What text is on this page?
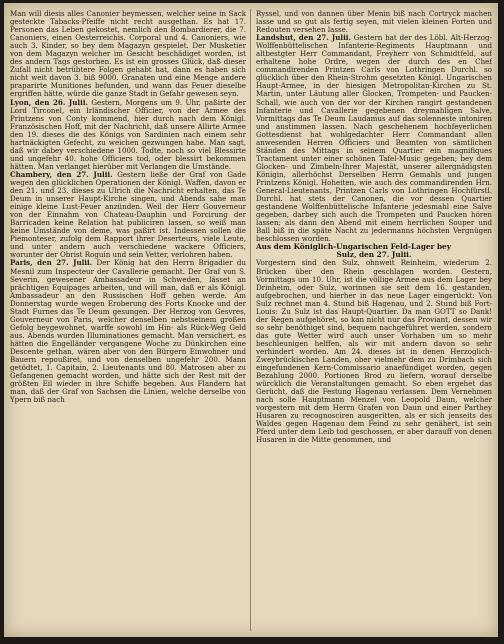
Man will diesis alles Canonier beymessen, welcher seine in Sack gesteckte Tabacks-Pfeiffe nicht recht ausgethan. Es hat 17. Personen das Leben gekostet, nemlich den Bombardierer, die 7. Canoniers, einen Oesterreichis. Corporal und 4. Canoniers, wie auch 3. Kinder, so bey dem Magazyn gespielet. Der Musketier von dem Magazyn welcher im Gesicht beschädiget worden, ist des andern Tags gestorben. Es ist ein grosses Glück, daß dieser Zufall nicht betrübtere Folgen gehabt hat, dann es haben sich nicht weit davon 3. biß 9000. Granaten und eine Menge andere praparirte Munitiones befunden, und wann das Feuer dieselbe ergriffen hätte, würde die ganze Stadt in Gefahr gewesen seyn.

Lyon, den 26. Julii. Gestern, Morgens um 9. Uhr, paßirte der Lord Tirconel, ein Irländischer Officier, von der Armee des Printzens von Conty kommend, hier durch nach dem Königl. Französischen Hoff, mit der Nachricht, daß unsere Allirte Armee den 19. dieses die des Königs von Sardinien nach einem sehr hartnäckigten Gefecht, zu weichen gezwungen habe. Man sagt, daß wir dabey verschiedene 1000. Todte, noch so viel Blessirte und ungefehr 40. hohe Officiers tod, oder blessirt bekommen hätten. Man verlanget hierüber mit Verlangen die Umstände.

Chambery, den 27. Julii. Gestern ließe der Graf von Gade wegen den glücklichen Operationen der Königl. Waffen, davon er den 21. und 23. dieses zu Ulrich die Nachricht erhalten, das Te Deum in unserer Haupt-Kirche singen, und Abends sahe man einige kleine Lust-Feuer anzünden. Weil der Herr Gouverneur von der Einnahm von Chateau-Dauphin und Forcirung der Barricaden keine Relation hat publiciren lassen, so weiß man keine Umstände von deme, was paßirt ist. Indessen sollen die Piemonteser, zufolg dem Rapport ihrer Deserteurs, viele Leute, und unter andern auch verschiedene wackere Officiers, worunter der Obrist Roguin und sein Vetter, verlohren haben.

Paris, den 27. Julii. Der König hat den Herrn Brigadier du Mesnil zum Inspecteur der Cavallerie gemacht. Der Graf von S. Severin, gewesener Ambassadeur in Schweden, lässet an prächtigen Equipages arbeiten, und will man, daß er als Königl. Ambassadeur an den Russischen Hoff gehen werde. Am Donnerstag wurde wegen Eroberung des Forts Knocke und der Stadt Furnes das Te Deum gesungen. Der Herzog von Gesvres, Gouverneur von Paris, welcher denselben nebstseinem großen Gefolg beygewohnet, warffe sowohl im Hin- als Rück-Weg Geld aus. Abends wurden Illuminationes gemacht. Man versichert, es hätten die Engelländer vergangene Woche zu Dünkirchen eine Descente gethan, wären aber von den Bürgern Einwohner und Bauern repoußiret, und von denselben ungefehr 200. Mann getödtet, 1. Capitain, 2. Lieutenants und 80. Matrosen aber zu Gefangenen gemacht worden, und hätte sich der Rest mit der größten Eil wieder in ihre Schiffe begeben. Aus Flandern hat man, daß der Graf von Sachsen die Linien, welche derselbe von Ypern biß nach

Ryssel, und von dannen über Menin biß nach Cortryck machen lasse und so gut als fertig seyen, mit vielen kleinen Forten und Redouten versehen lasse.

Landshut, den 27. Julii. Gestern hat der des Löbl. Alt-Herzog-Wolffenbüttelischen Infanterie-Regiments Hauptmann und altbestgter Herr Commandant, Freyherr von Schmidtfeld, auf erhaltene hohe Ordre, wegen der durch des en Chef commandirenden Printzen Carls von Lothringen Durchl. so glücklich über den Rhein-Strohm gesetzten Königl. Ungarischen Haupt-Armee, in der hiesigen Metropolitan-Kirchen zu St. Martin, unter Läutung aller Glocken, Trompeten- und Paucken-Schall, wie auch von der vor der Kirchen rangirt gestandenen Infanterie und Cavallerie gegebenen dreymahligen Salve, Vormittags das Te Deum Laudamus auf das solenneste intoniren und anstimmen lassen. Nach geschehenem hochfeyerlichen Gottesdienst hat wohlgedachter Herr Commandant allen anwesenden Herren Officiers und Beamten von sämtlichen Ständen des Mittags in seinem Quartier ein magnifiques Tractament unter einer schönen Tafel-Music gegeben; bey dem Glocken- und Zimbeln-Ihrer Majestät, unserer allergnädigsten Königin, allerhöchst Derselben Herrn Gemahls und jungen Printzens Königl. Hoheiten, wie auch des commandirenden Hrn. General-Lieutenants, Printzen Carls von Lothringen Hochfürstl. Durchl. hat stets der Canonen, die vor dessen Quartier gestandene Wolffenbüttelische Infanterie jedesmahl eine Salve gegeben, darbey sich auch die Trompeten und Paucken hören lassen; als dann den Abend mit einem herrlichen Souper und Ball biß in die späte Nacht zu jedermanns höchsten Vergnügen beschlossen worden.

Aus dem Königlich-Ungarischen Feld-Lager bey
Sulz, den 27. Julii.

Vorgestern sind den Sulz, ohnweit Reinheim, wiederum 2. Brücken über den Rhein geschlagen worden. Gestern, Vormittags um 10. Uhr, ist die völlige Armee aus dem Lager bey Drinheim, oder Sulz, worinnen sie seit dem 16. gestanden, aufgebrochen, und hierher in das neue Lager eingerückt: Von Sulz rechnet man 4. Stund biß Hagenau, und 2. Stund biß Fort-Louis: Zu Sulz ist das Haupt-Quartier. Da man GOTT so Dank! der Regen aufgehöret, so kan nicht nur das Proviant, dessen wir so sehr benöthiget sind, bequem nachgeführet werden, sondern das gute Wetter wird auch unser Vorhaben um so mehr beschleunigen helffen, als wir mit andern davon so sehr verhindert worden. Am 24. dieses ist in denen Herzoglich-Zweybrückischen Landen, ober vielmehr dem zu Drimbach sich eingefundenen Kern-Commissario anaefündiget worden, gegen Bezahlung 2000. Portionen Brod zu liefern, worauf derselbe würcklich die Veranstaltungen gemacht. So eben ergehet das Gerücht, daß die Festung Hagenau verlassen. Dem Vernehmen nach solle Hauptmann Menzel von Leopold Daun, welcher vorgestern mit dem Herrn Grafen von Daun und einer Parthey Husaren zu recognosciren ausgeritten, als er sich jenseits des Waldes gegen Hagenau dem Feind zu sehr genähert, ist sein Pferd unter dem Leib tod geschossen, er aber darauff von denen Husaren in die Mitte genommen, und
